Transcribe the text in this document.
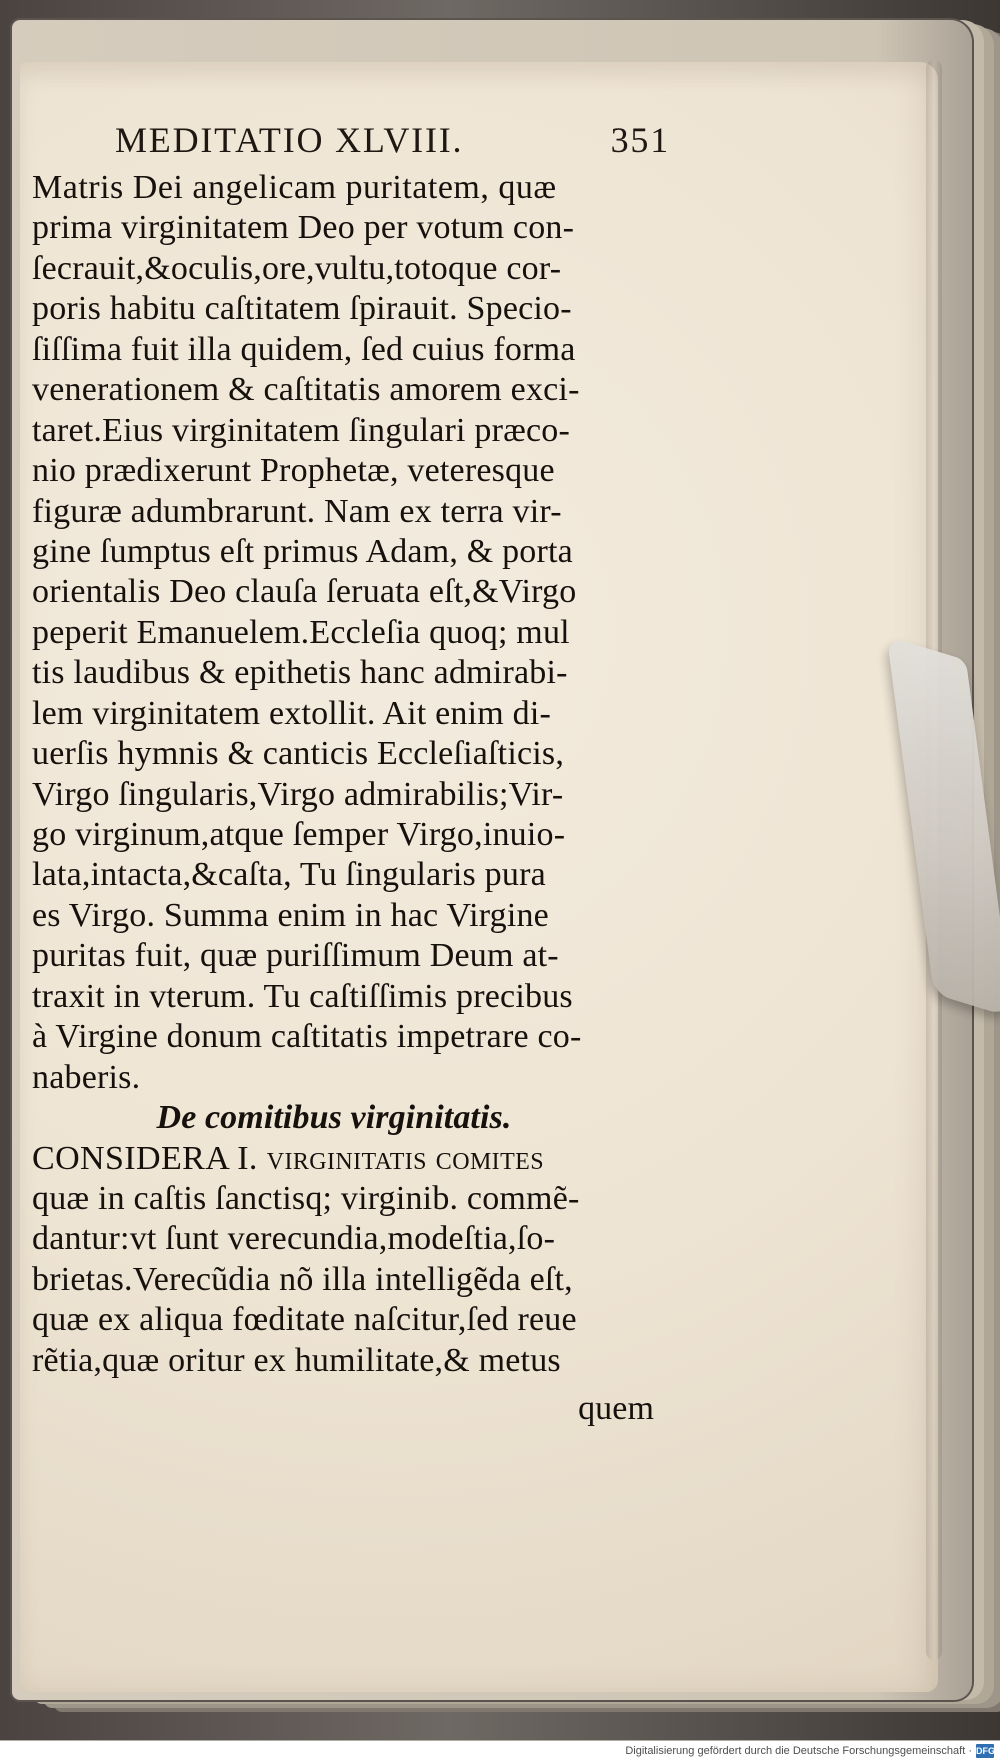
MEDITATIO XLVIII.	351
Matris Dei angelicam puritatem, quæ
prima virginitatem Deo per votum con-
ſecrauit,&oculis,ore,vultu,totoque cor-
poris habitu caſtitatem ſpirauit. Specio-
ſiſſima fuit illa quidem, ſed cuius forma
venerationem & caſtitatis amorem exci-
taret.Eius virginitatem ſingulari præco-
nio prædixerunt Prophetæ, veteresque
figuræ adumbrarunt. Nam ex terra vir-
gine ſumptus eſt primus Adam, & porta
orientalis Deo clauſa ſeruata eſt,&Virgo
peperit Emanuelem.Eccleſia quoq; mul
tis laudibus & epithetis hanc admirabi-
lem virginitatem extollit. Ait enim di-
uerſis hymnis & canticis Eccleſiaſticis,
Virgo ſingularis,Virgo admirabilis;Vir-
go virginum,atque ſemper Virgo,inuio-
lata,intacta,&caſta, Tu ſingularis pura
es Virgo. Summa enim in hac Virgine
puritas fuit, quæ puriſſimum Deum at-
traxit in vterum. Tu caſtiſſimis precibus
à Virgine donum caſtitatis impetrare co-
naberis.
De comitibus virginitatis.
CONSIDERA I. virginitatis comites
quæ in caſtis ſanctisq; virginib. commẽ-
dantur:vt ſunt verecundia,modeſtia,ſo-
brietas.Verecũdia nõ illa intelligẽda eſt,
quæ ex aliqua fœditate naſcitur,ſed reue
rẽtia,quæ oritur ex humilitate,& metus
quem
Digitalisierung gefördert durch die Deutsche Forschungsgemeinschaft · DFG
